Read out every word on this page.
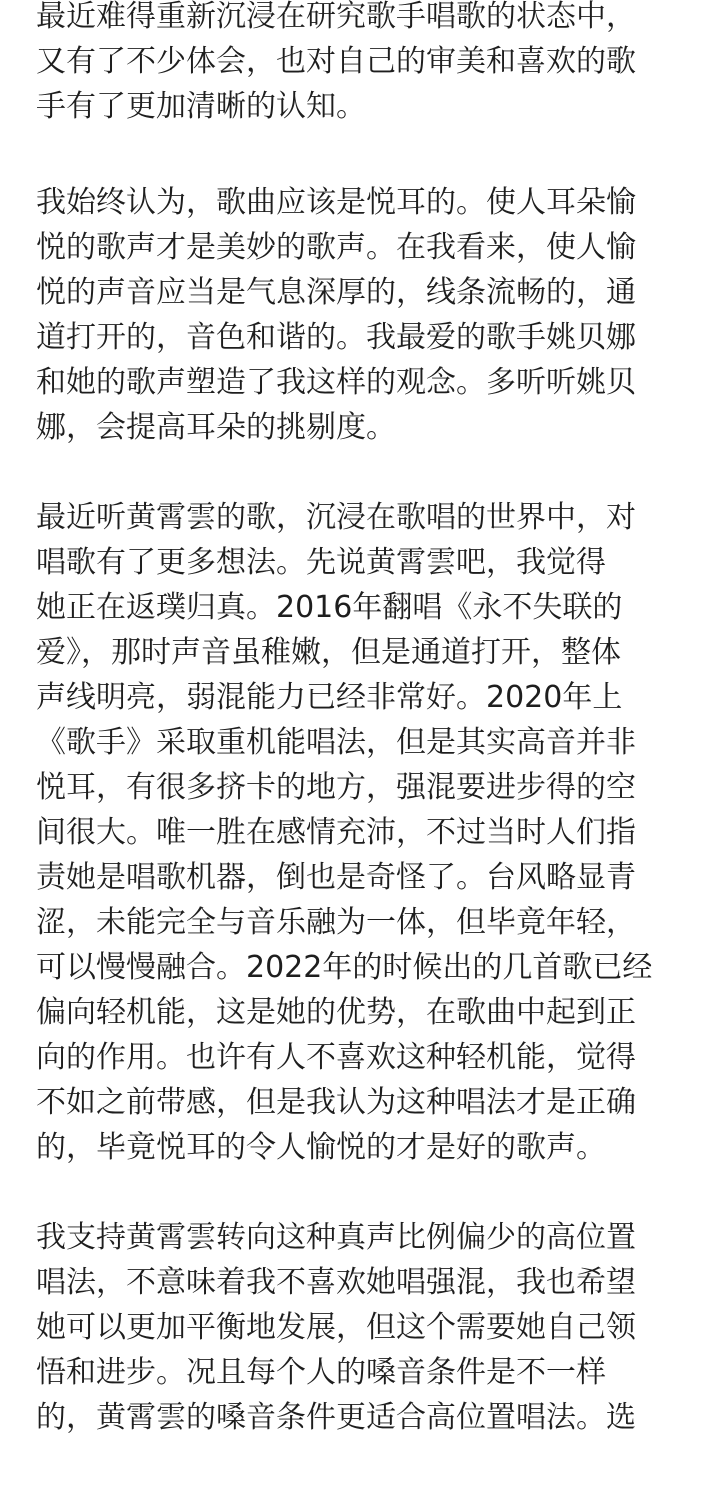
最近难得重新沉浸在研究歌手唱歌的状态中，
又有了不少体会，也对自己的审美和喜欢的歌
手有了更加清晰的认知。

我始终认为，歌曲应该是悦耳的。使人耳朵愉
悦的歌声才是美妙的歌声。在我看来，使人愉
悦的声音应当是气息深厚的，线条流畅的，通
道打开的，音色和谐的。我最爱的歌手姚贝娜
和她的歌声塑造了我这样的观念。多听听姚贝
娜，会提高耳朵的挑剔度。

最近听黄霄雲的歌，沉浸在歌唱的世界中，对
唱歌有了更多想法。先说黄霄雲吧，我觉得
她正在返璞归真。2016年翻唱《永不失联的
爱》，那时声音虽稚嫩，但是通道打开，整体
声线明亮，弱混能力已经非常好。2020年上
《歌手》采取重机能唱法，但是其实高音并非
悦耳，有很多挤卡的地方，强混要进步得的空
间很大。唯一胜在感情充沛，不过当时人们指
责她是唱歌机器，倒也是奇怪了。台风略显青
涩，未能完全与音乐融为一体，但毕竟年轻，
可以慢慢融合。2022年的时候出的几首歌已经
偏向轻机能，这是她的优势，在歌曲中起到正
向的作用。也许有人不喜欢这种轻机能，觉得
不如之前带感，但是我认为这种唱法才是正确
的，毕竟悦耳的令人愉悦的才是好的歌声。

我支持黄霄雲转向这种真声比例偏少的高位置
唱法，不意味着我不喜欢她唱强混，我也希望
她可以更加平衡地发展，但这个需要她自己领
悟和进步。况且每个人的嗓音条件是不一样
的，黄霄雲的嗓音条件更适合高位置唱法。选
